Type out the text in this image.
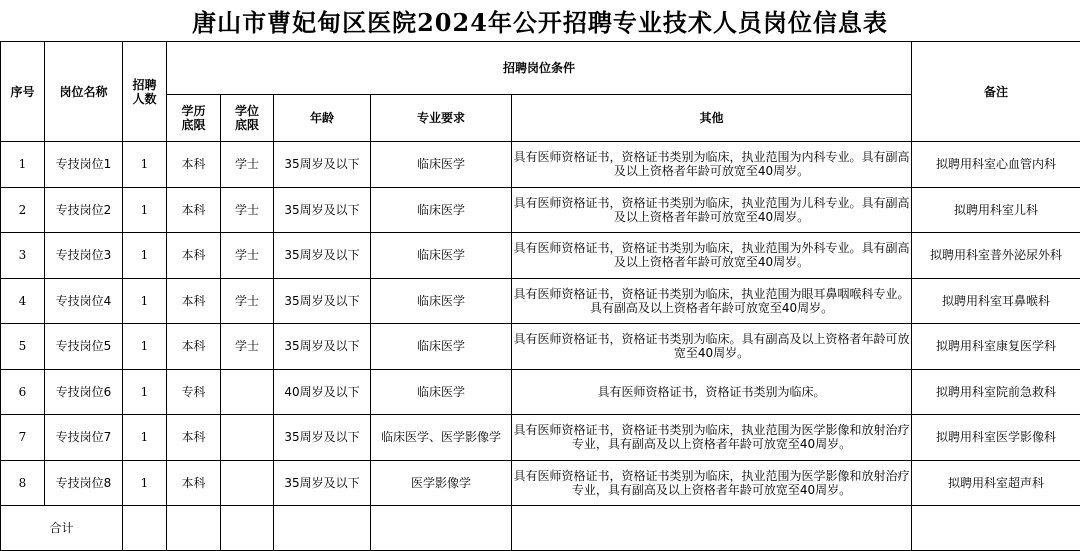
唐山市曹妃甸区医院2024年公开招聘专业技术人员岗位信息表
序号	岗位名称	招聘人数	招聘岗位条件					备注
			学历底限	学位底限	年龄	专业要求	其他	
1	专技岗位1	1	本科	学士	35周岁及以下	临床医学	具有医师资格证书，资格证书类别为临床，执业范围为内科专业。具有副高及以上资格者年龄可放宽至40周岁。	拟聘用科室心血管内科
2	专技岗位2	1	本科	学士	35周岁及以下	临床医学	具有医师资格证书，资格证书类别为临床，执业范围为儿科专业。具有副高及以上资格者年龄可放宽至40周岁。	拟聘用科室儿科
3	专技岗位3	1	本科	学士	35周岁及以下	临床医学	具有医师资格证书，资格证书类别为临床，执业范围为外科专业。具有副高及以上资格者年龄可放宽至40周岁。	拟聘用科室普外泌尿外科
4	专技岗位4	1	本科	学士	35周岁及以下	临床医学	具有医师资格证书，资格证书类别为临床，执业范围为眼耳鼻咽喉科专业。具有副高及以上资格者年龄可放宽至40周岁。	拟聘用科室耳鼻喉科
5	专技岗位5	1	本科	学士	35周岁及以下	临床医学	具有医师资格证书，资格证书类别为临床。具有副高及以上资格者年龄可放宽至40周岁。	拟聘用科室康复医学科
6	专技岗位6	1	专科		40周岁及以下	临床医学	具有医师资格证书，资格证书类别为临床。	拟聘用科室院前急救科
7	专技岗位7	1	本科		35周岁及以下	临床医学、医学影像学	具有医师资格证书，资格证书类别为临床，执业范围为医学影像和放射治疗专业，具有副高及以上资格者年龄可放宽至40周岁。	拟聘用科室医学影像科
8	专技岗位8	1	本科		35周岁及以下	医学影像学	具有医师资格证书，资格证书类别为临床，执业范围为医学影像和放射治疗专业，具有副高及以上资格者年龄可放宽至40周岁。	拟聘用科室超声科
合计								
